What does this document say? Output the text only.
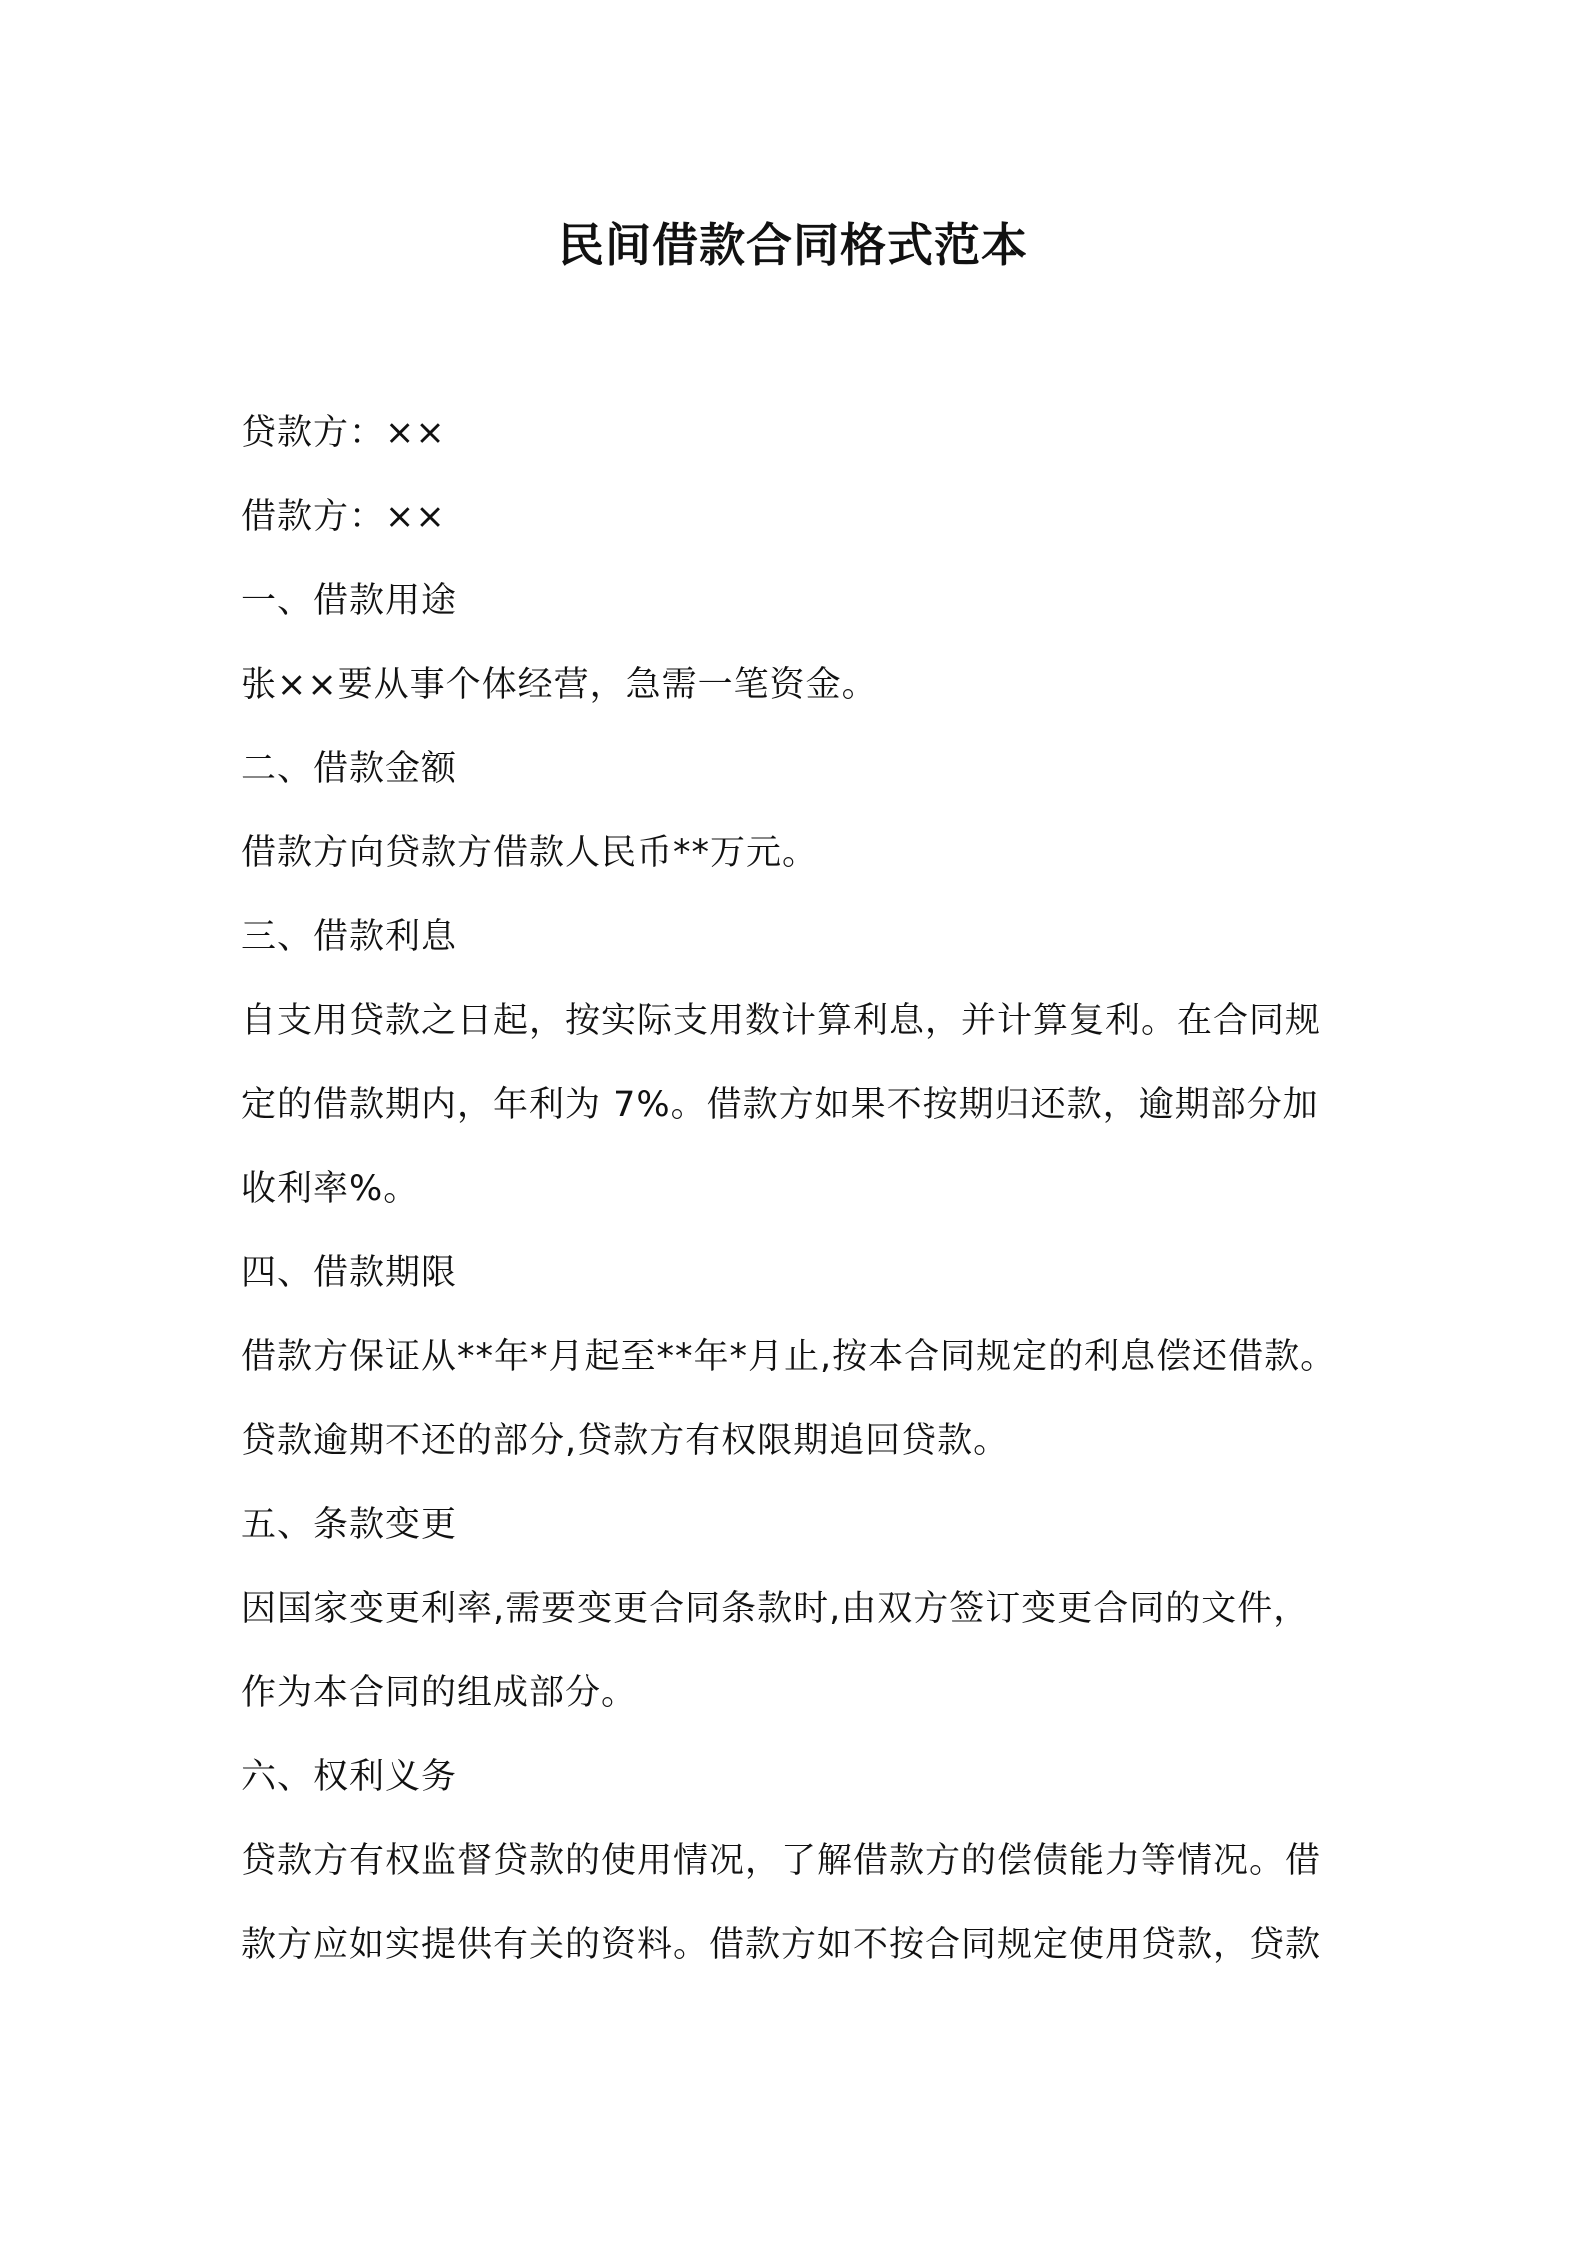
民间借款合同格式范本
贷款方：××
借款方：××
一、借款用途
张××要从事个体经营，急需一笔资金。
二、借款金额
借款方向贷款方借款人民币**万元。
三、借款利息
自支用贷款之日起，按实际支用数计算利息，并计算复利。在合同规
定的借款期内，年利为 7%。借款方如果不按期归还款，逾期部分加
收利率%。
四、借款期限
借款方保证从**年*月起至**年*月止,按本合同规定的利息偿还借款。
贷款逾期不还的部分,贷款方有权限期追回贷款。
五、条款变更
因国家变更利率,需要变更合同条款时,由双方签订变更合同的文件，
作为本合同的组成部分。
六、权利义务
贷款方有权监督贷款的使用情况，了解借款方的偿债能力等情况。借
款方应如实提供有关的资料。借款方如不按合同规定使用贷款，贷款
